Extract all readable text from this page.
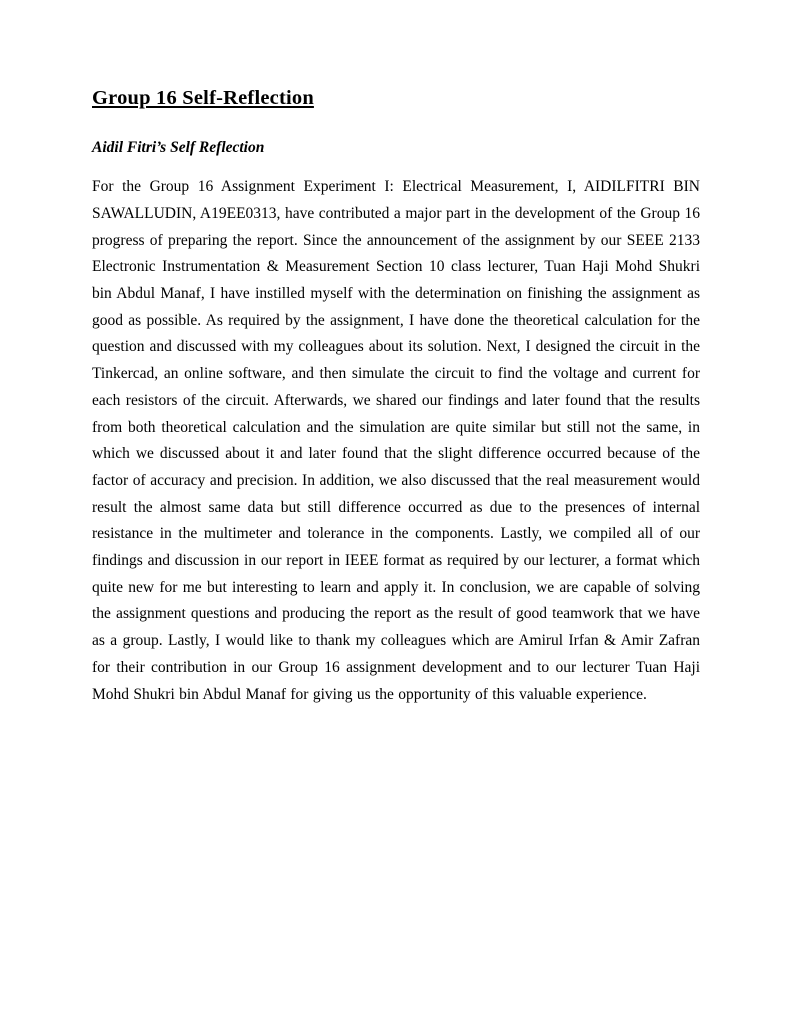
Group 16 Self-Reflection
Aidil Fitri’s Self Reflection

For the Group 16 Assignment Experiment I: Electrical Measurement, I, AIDILFITRI BIN SAWALLUDIN, A19EE0313, have contributed a major part in the development of the Group 16 progress of preparing the report. Since the announcement of the assignment by our SEEE 2133 Electronic Instrumentation & Measurement Section 10 class lecturer, Tuan Haji Mohd Shukri bin Abdul Manaf, I have instilled myself with the determination on finishing the assignment as good as possible. As required by the assignment, I have done the theoretical calculation for the question and discussed with my colleagues about its solution. Next, I designed the circuit in the Tinkercad, an online software, and then simulate the circuit to find the voltage and current for each resistors of the circuit. Afterwards, we shared our findings and later found that the results from both theoretical calculation and the simulation are quite similar but still not the same, in which we discussed about it and later found that the slight difference occurred because of the factor of accuracy and precision. In addition, we also discussed that the real measurement would result the almost same data but still difference occurred as due to the presences of internal resistance in the multimeter and tolerance in the components. Lastly, we compiled all of our findings and discussion in our report in IEEE format as required by our lecturer, a format which quite new for me but interesting to learn and apply it. In conclusion, we are capable of solving the assignment questions and producing the report as the result of good teamwork that we have as a group. Lastly, I would like to thank my colleagues which are Amirul Irfan & Amir Zafran for their contribution in our Group 16 assignment development and to our lecturer Tuan Haji Mohd Shukri bin Abdul Manaf for giving us the opportunity of this valuable experience.
